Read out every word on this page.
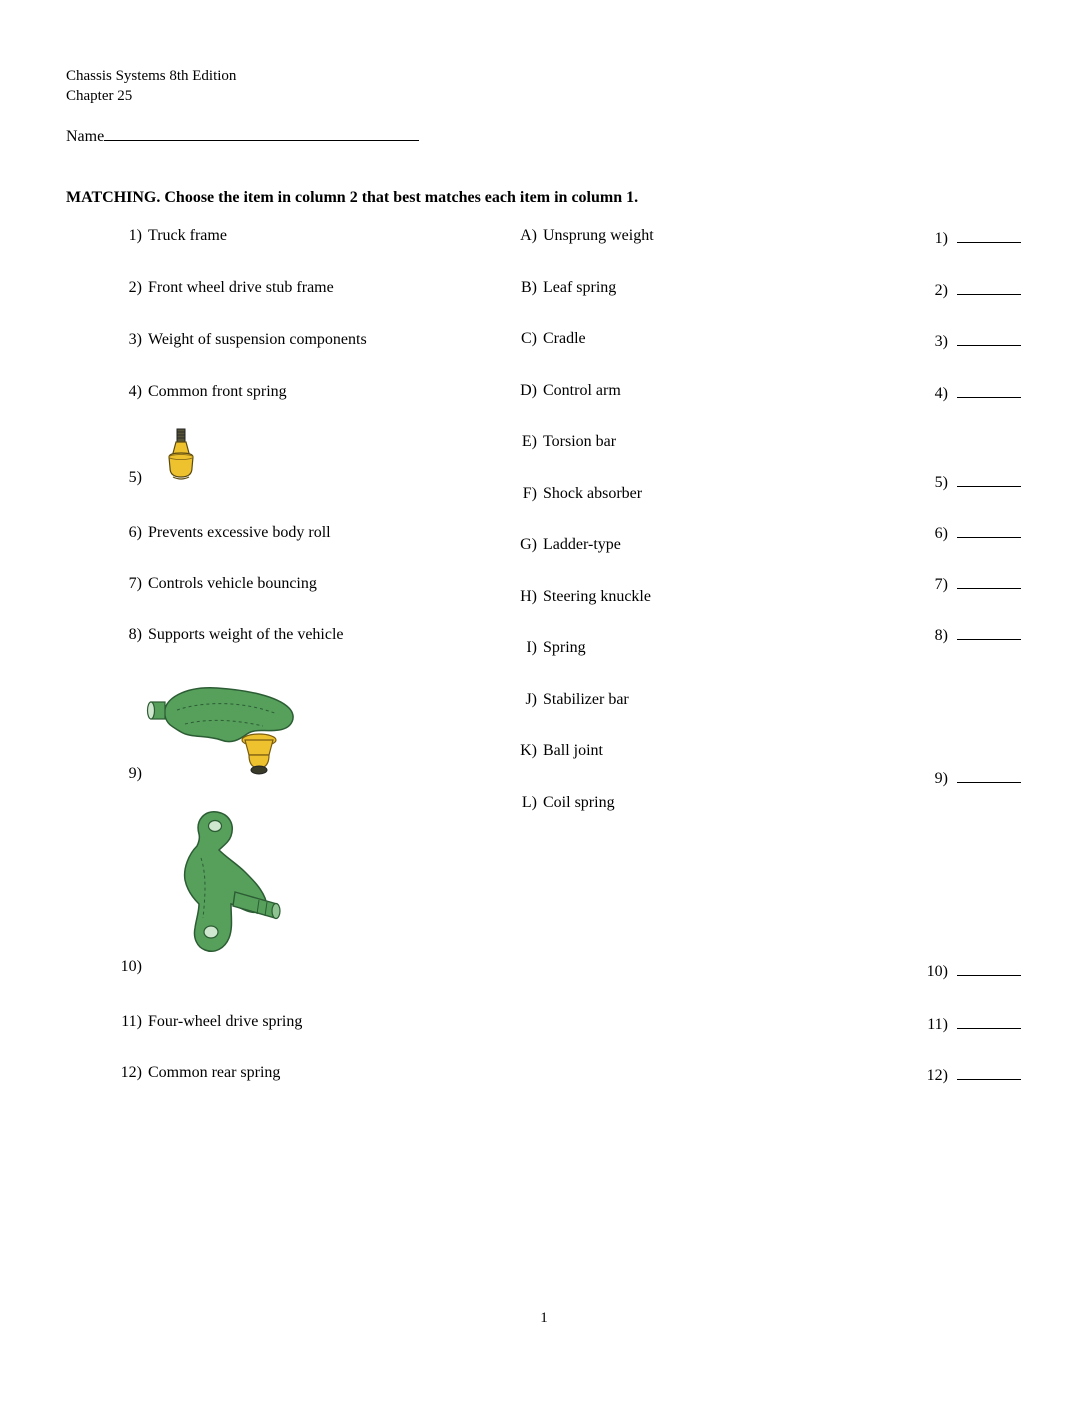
Chassis Systems 8th Edition
Chapter 25
Name
MATCHING. Choose the item in column 2 that best matches each item in column 1.
1) Truck frame
2) Front wheel drive stub frame
3) Weight of suspension components
4) Common front spring
5)
6) Prevents excessive body roll
7) Controls vehicle bouncing
8) Supports weight of the vehicle
9)
10)
11) Four-wheel drive spring
12) Common rear spring
A) Unsprung weight
B) Leaf spring
C) Cradle
D) Control arm
E) Torsion bar
F) Shock absorber
G) Ladder-type
H) Steering knuckle
I) Spring
J) Stabilizer bar
K) Ball joint
L) Coil spring
1)
2)
3)
4)
5)
6)
7)
8)
9)
10)
11)
12)
1
